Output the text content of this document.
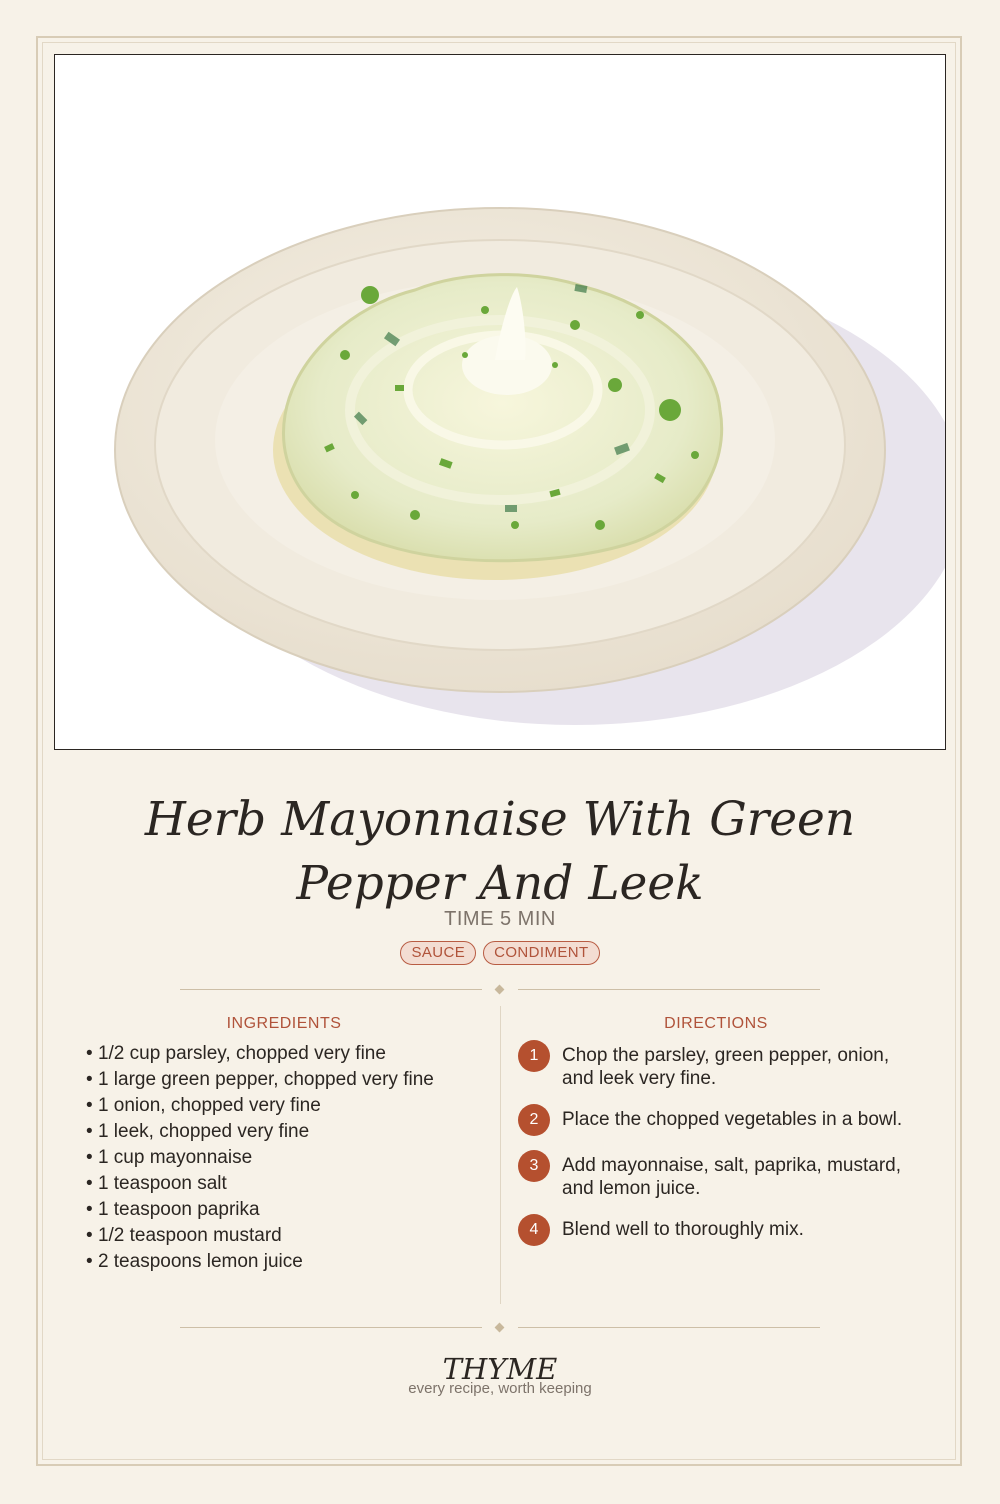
Herb Mayonnaise With Green Pepper And Leek
TIME 5 MIN
SAUCE	CONDIMENT
INGREDIENTS	DIRECTIONS
• 1/2 cup parsley, chopped very fine
• 1 large green pepper, chopped very fine
• 1 onion, chopped very fine
• 1 leek, chopped very fine
• 1 cup mayonnaise
• 1 teaspoon salt
• 1 teaspoon paprika
• 1/2 teaspoon mustard
• 2 teaspoons lemon juice
1	Chop the parsley, green pepper, onion, and leek very fine.
2	Place the chopped vegetables in a bowl.
3	Add mayonnaise, salt, paprika, mustard, and lemon juice.
4	Blend well to thoroughly mix.
THYME
every recipe, worth keeping
